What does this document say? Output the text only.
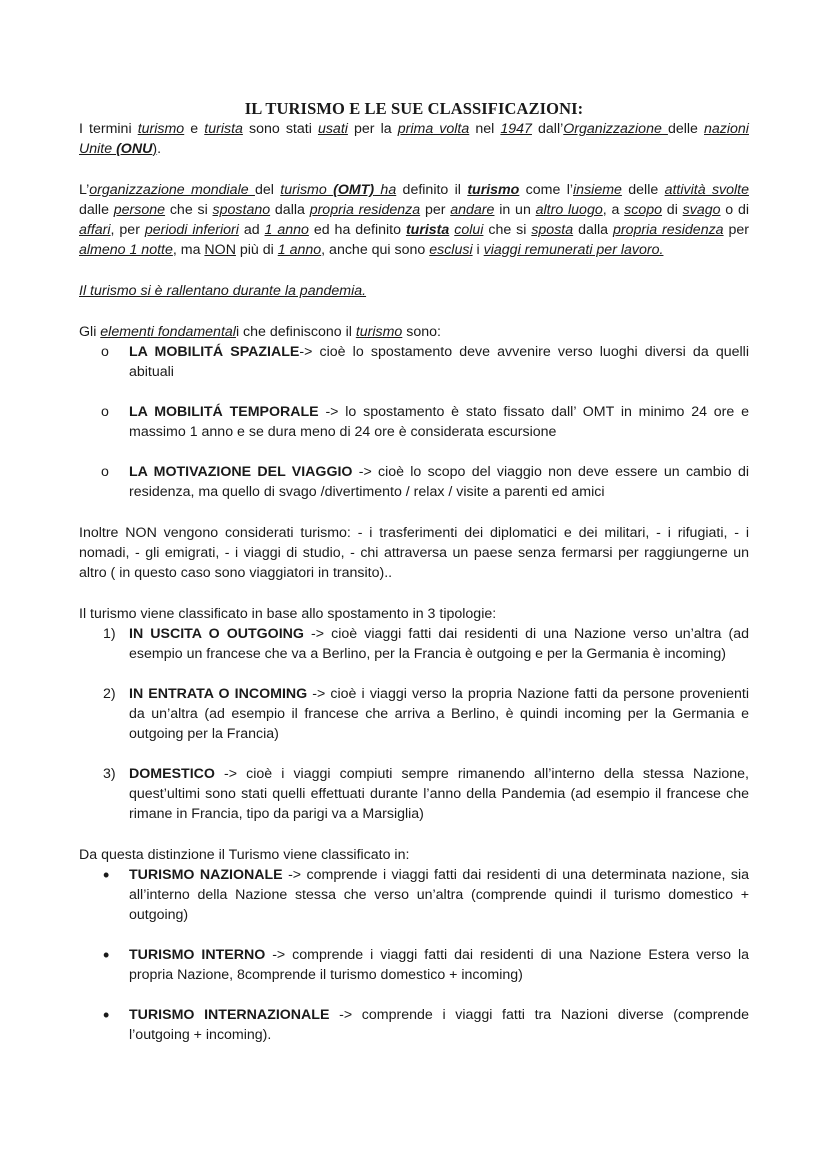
IL TURISMO E LE SUE CLASSIFICAZIONI:

I termini turismo e turista sono stati usati per la prima volta nel 1947 dall’Organizzazione delle nazioni Unite (ONU).

L’organizzazione mondiale del turismo (OMT) ha definito il turismo come l’insieme delle attività svolte dalle persone che si spostano dalla propria residenza per andare in un altro luogo, a scopo di svago o di affari, per periodi inferiori ad 1 anno ed ha definito turista colui che si sposta dalla propria residenza per almeno 1 notte, ma NON più di 1 anno, anche qui sono esclusi i viaggi remunerati per lavoro.

Il turismo si è rallentano durante la pandemia.

Gli elementi fondamentali che definiscono il turismo sono:

o LA MOBILITÁ SPAZIALE-> cioè lo spostamento deve avvenire verso luoghi diversi da quelli abituali
o LA MOBILITÁ TEMPORALE -> lo spostamento è stato fissato dall’ OMT in minimo 24 ore e massimo 1 anno e se dura meno di 24 ore è considerata escursione
o LA MOTIVAZIONE DEL VIAGGIO -> cioè lo scopo del viaggio non deve essere un cambio di residenza, ma quello di svago /divertimento / relax / visite a parenti ed amici

Inoltre NON vengono considerati turismo: - i trasferimenti dei diplomatici e dei militari, - i rifugiati, - i nomadi, - gli emigrati, - i viaggi di studio, - chi attraversa un paese senza fermarsi per raggiungerne un altro ( in questo caso sono viaggiatori in transito)..

Il turismo viene classificato in base allo spostamento in 3 tipologie:

1) IN USCITA O OUTGOING -> cioè viaggi fatti dai residenti di una Nazione verso un’altra (ad esempio un francese che va a Berlino, per la Francia è outgoing e per la Germania è incoming)
2) IN ENTRATA O INCOMING -> cioè i viaggi verso la propria Nazione fatti da persone provenienti da un’altra (ad esempio il francese che arriva a Berlino, è quindi incoming per la Germania e outgoing per la Francia)
3) DOMESTICO -> cioè i viaggi compiuti sempre rimanendo all’interno della stessa Nazione, quest’ultimi sono stati quelli effettuati durante l’anno della Pandemia (ad esempio il francese che rimane in Francia, tipo da parigi va a Marsiglia)

Da questa distinzione il Turismo viene classificato in:

• TURISMO NAZIONALE -> comprende i viaggi fatti dai residenti di una determinata nazione, sia all’interno della Nazione stessa che verso un’altra (comprende quindi il turismo domestico + outgoing)
• TURISMO INTERNO -> comprende i viaggi fatti dai residenti di una Nazione Estera verso la propria Nazione, 8comprende il turismo domestico + incoming)
• TURISMO INTERNAZIONALE -> comprende i viaggi fatti tra Nazioni diverse (comprende l’outgoing + incoming).
